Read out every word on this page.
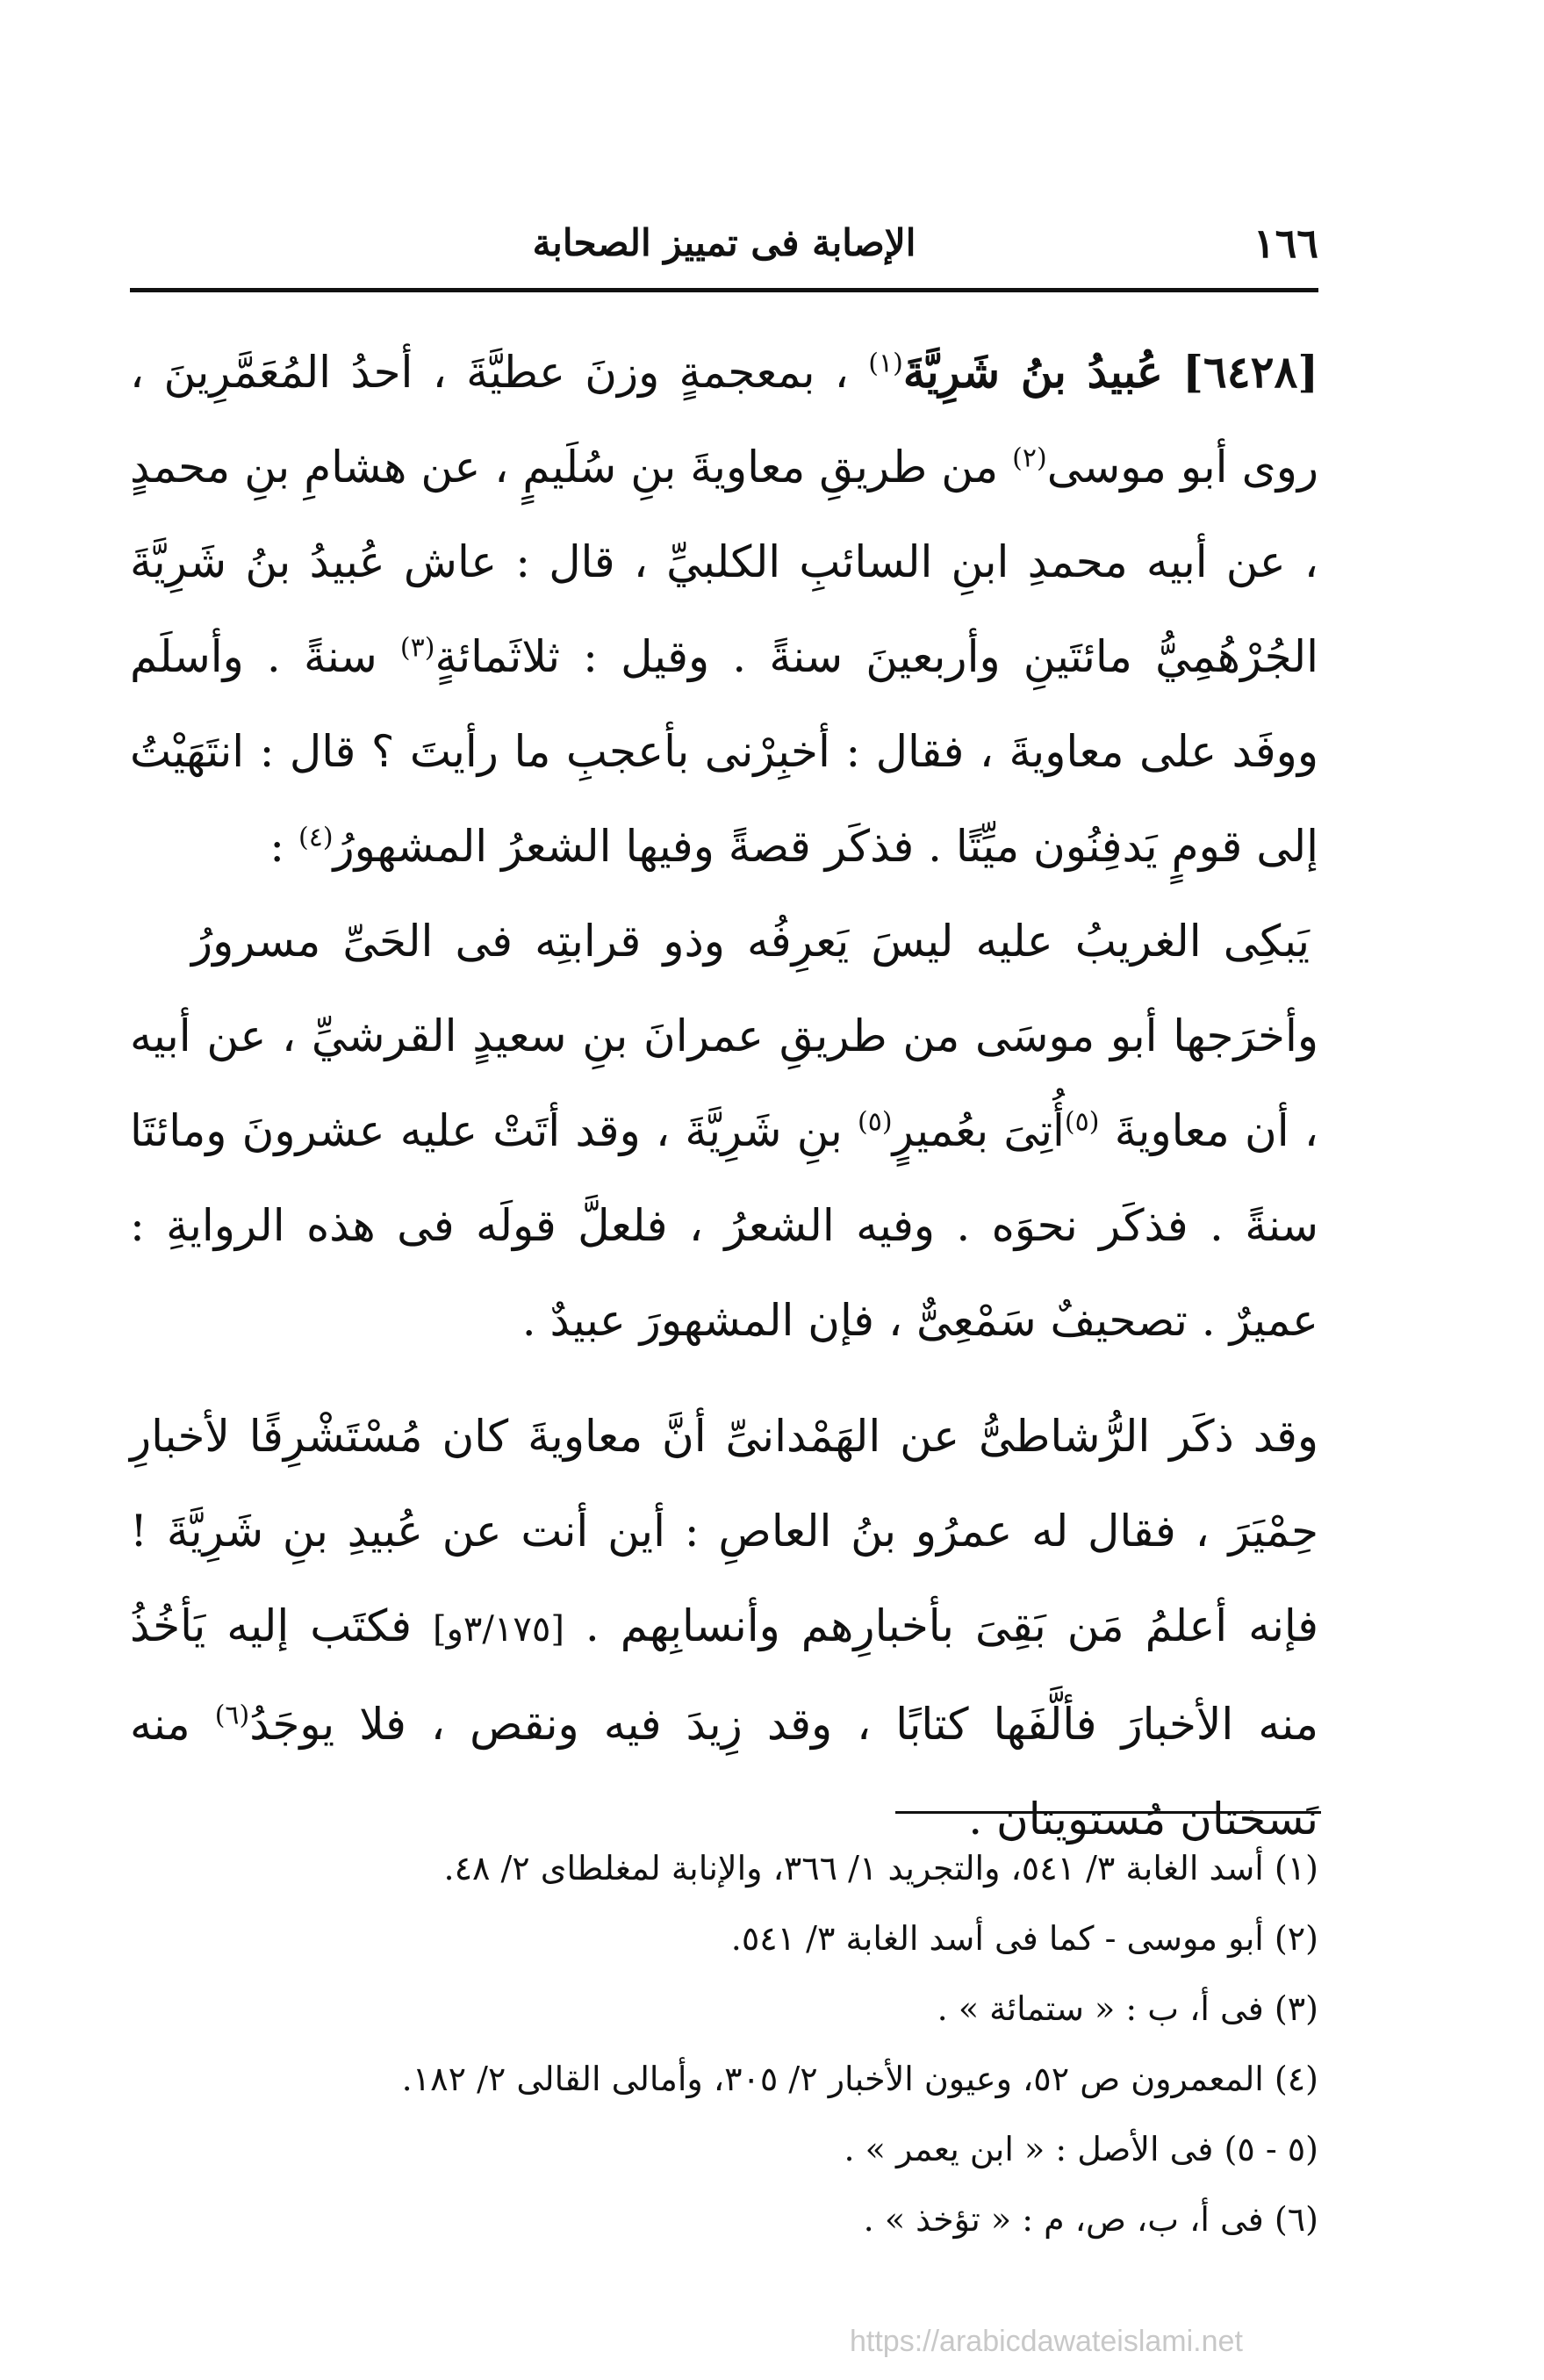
١٦٦
الإصابة فى تمييز الصحابة

[٦٤٢٨] عُبيدُ بنُ شَرِيَّةَ$^{(١)}$ ، بمعجمةٍ وزنَ عطيَّةَ ، أحدُ المُعَمَّرِينَ ، روى أبو موسى$^{(٢)}$ من طريقِ معاويةَ بنِ سُلَيمٍ ، عن هشامِ بنِ محمدٍ ، عن أبيه محمدِ ابنِ السائبِ الكلبيِّ ، قال : عاش عُبيدُ بنُ شَرِيَّةَ الجُرْهُمِيُّ مائتَينِ وأربعينَ سنةً . وقيل : ثلاثَمائةٍ$^{(٣)}$ سنةً . وأسلَم ووفَد على معاويةَ ، فقال : أخبِرْنى بأعجبِ ما رأيتَ ؟ قال : انتَهَيْتُ إلى قومٍ يَدفِنُون ميِّتًا . فذكَر قصةً وفيها الشعرُ المشهورُ$^{(٤)}$ :

يَبكِى الغريبُ عليه ليسَ يَعرِفُه وذو قرابتِه فى الحَىِّ مسرورُ

وأخرَجها أبو موسَى من طريقِ عمرانَ بنِ سعيدٍ القرشيِّ ، عن أبيه ، أن معاويةَ $^{(٥)}$أُتِىَ بعُميرٍ$^{(٥)}$ بنِ شَرِيَّةَ ، وقد أتَتْ عليه عشرونَ ومائتَا سنةً . فذكَر نحوَه . وفيه الشعرُ ، فلعلَّ قولَه فى هذه الروايةِ : عميرٌ . تصحيفٌ سَمْعِىٌّ ، فإن المشهورَ عبيدٌ .

وقد ذكَر الرُّشاطىُّ عن الهَمْدانىِّ أنَّ معاويةَ كان مُسْتَشْرِفًا لأخبارِ حِمْيَرَ ، فقال له عمرُو بنُ العاصِ : أين أنت عن عُبيدِ بنِ شَرِيَّةَ ! فإنه أعلمُ مَن بَقِىَ بأخبارِهم وأنسابِهم . [٣/١٧٥و] فكتَب إليه يَأخُذُ منه الأخبارَ فألَّفَها كتابًا ، وقد زِيدَ فيه ونقص ، فلا يوجَدُ$^{(٦)}$ منه نَسختان مُستويتان .

(١) أسد الغابة ٣/ ٥٤١، والتجريد ١/ ٣٦٦، والإنابة لمغلطاى ٢/ ٤٨.
(٢) أبو موسى - كما فى أسد الغابة ٣/ ٥٤١.
(٣) فى أ، ب : « ستمائة » .
(٤) المعمرون ص ٥٢، وعيون الأخبار ٢/ ٣٠٥، وأمالى القالى ٢/ ١٨٢.
(٥ - ٥) فى الأصل : « ابن يعمر » .
(٦) فى أ، ب، ص، م : « تؤخذ » .
https://arabicdawateislami.net
